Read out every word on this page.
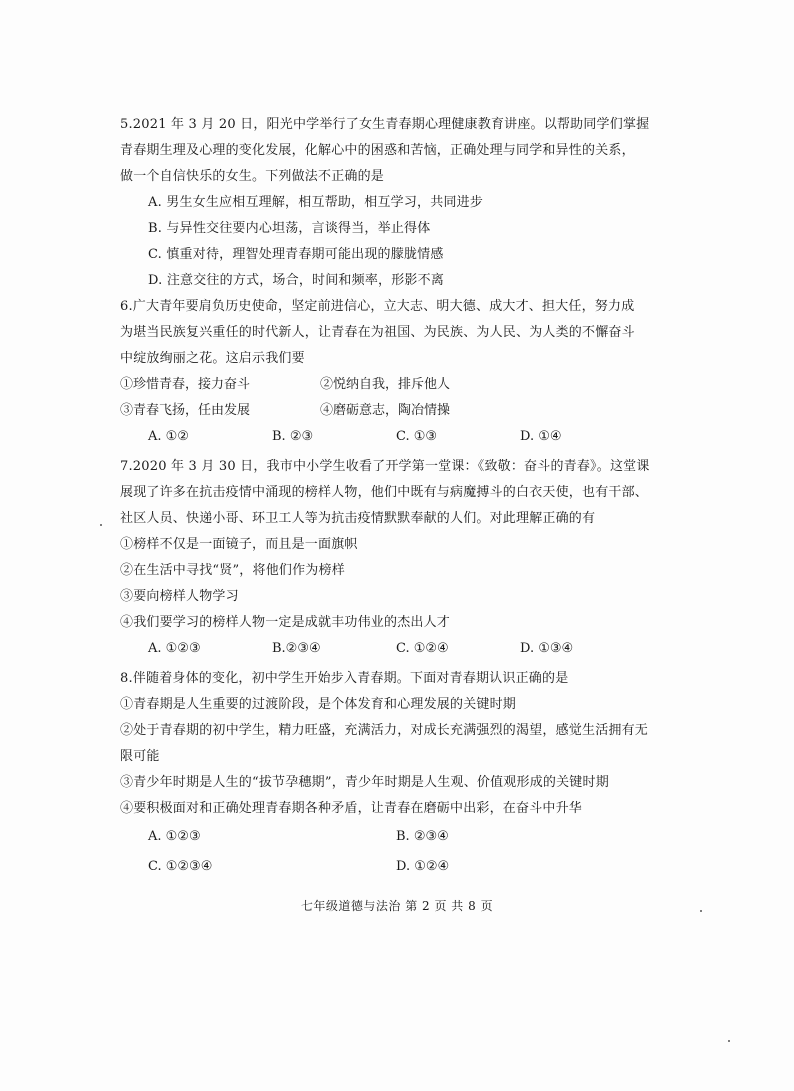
5.2021 年 3 月 20 日，阳光中学举行了女生青春期心理健康教育讲座。以帮助同学们掌握
青春期生理及心理的变化发展，化解心中的困惑和苦恼，正确处理与同学和异性的关系，
做一个自信快乐的女生。下列做法不正确的是
A. 男生女生应相互理解，相互帮助，相互学习，共同进步
B. 与异性交往要内心坦荡，言谈得当，举止得体
C. 慎重对待，理智处理青春期可能出现的朦胧情感
D. 注意交往的方式，场合，时间和频率，形影不离
6.广大青年要肩负历史使命，坚定前进信心，立大志、明大德、成大才、担大任，努力成
为堪当民族复兴重任的时代新人，让青春在为祖国、为民族、为人民、为人类的不懈奋斗
中绽放绚丽之花。这启示我们要
①珍惜青春，接力奋斗	②悦纳自我，排斥他人
③青春飞扬，任由发展	④磨砺意志，陶冶情操
A. ①②	B. ②③	C. ①③	D. ①④
7.2020 年 3 月 30 日，我市中小学生收看了开学第一堂课：《致敬：奋斗的青春》。这堂课
展现了许多在抗击疫情中涌现的榜样人物，他们中既有与病魔搏斗的白衣天使，也有干部、
社区人员、快递小哥、环卫工人等为抗击疫情默默奉献的人们。对此理解正确的有
①榜样不仅是一面镜子，而且是一面旗帜
②在生活中寻找“贤”，将他们作为榜样
③要向榜样人物学习
④我们要学习的榜样人物一定是成就丰功伟业的杰出人才
A. ①②③	B.②③④	C. ①②④	D. ①③④
8.伴随着身体的变化，初中学生开始步入青春期。下面对青春期认识正确的是
①青春期是人生重要的过渡阶段，是个体发育和心理发展的关键时期
②处于青春期的初中学生，精力旺盛，充满活力，对成长充满强烈的渴望，感觉生活拥有无
限可能
③青少年时期是人生的“拔节孕穗期”，青少年时期是人生观、价值观形成的关键时期
④要积极面对和正确处理青春期各种矛盾，让青春在磨砺中出彩，在奋斗中升华
A. ①②③	B. ②③④
C. ①②③④	D. ①②④
七年级道德与法治 第 2 页 共 8 页
